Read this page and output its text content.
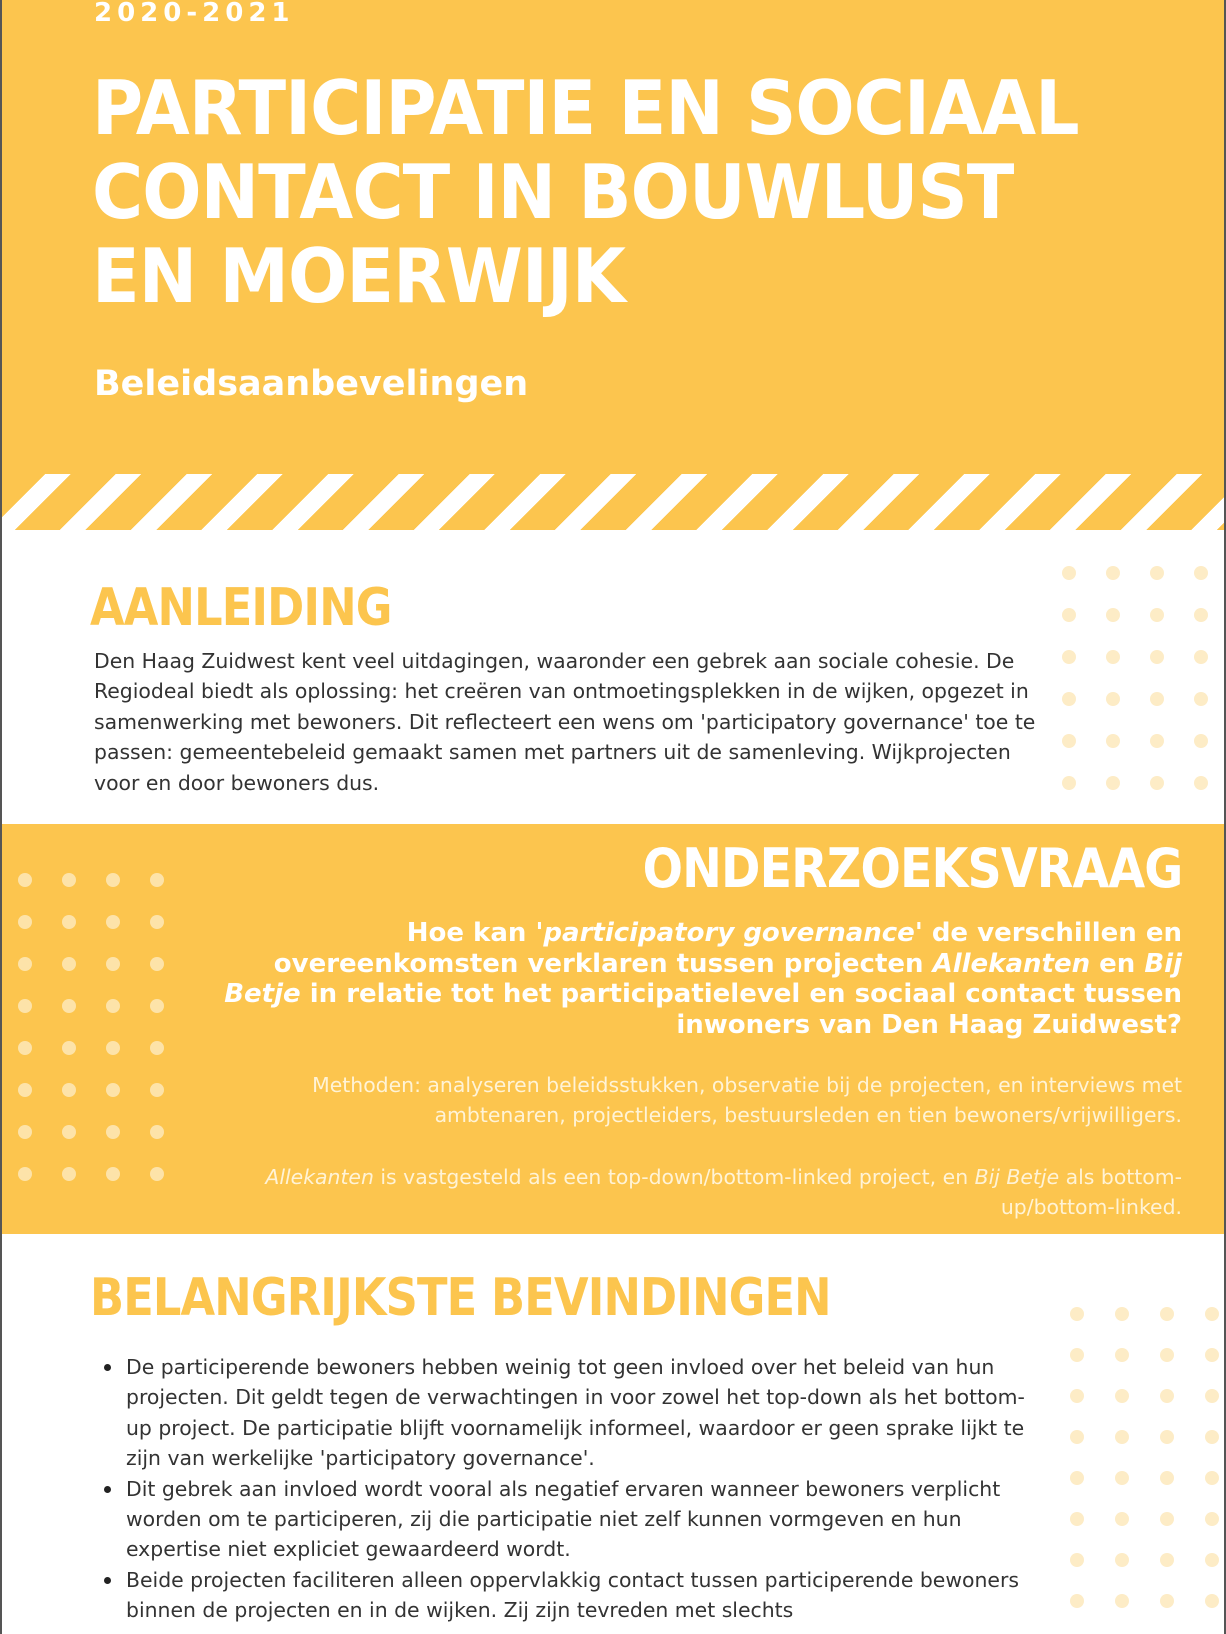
2020-2021
PARTICIPATIE EN SOCIAAL CONTACT IN BOUWLUST EN MOERWIJK
Beleidsaanbevelingen
AANLEIDING

Den Haag Zuidwest kent veel uitdagingen, waaronder een gebrek aan sociale cohesie. De Regiodeal biedt als oplossing: het creëren van ontmoetingsplekken in de wijken, opgezet in samenwerking met bewoners. Dit reflecteert een wens om 'participatory governance' toe te passen: gemeentebeleid gemaakt samen met partners uit de samenleving. Wijkprojecten voor en door bewoners dus.

ONDERZOEKSVRAAG

Hoe kan 'participatory governance' de verschillen en overeenkomsten verklaren tussen projecten Allekanten en Bij Betje in relatie tot het participatielevel en sociaal contact tussen inwoners van Den Haag Zuidwest?

Methoden: analyseren beleidsstukken, observatie bij de projecten, en interviews met ambtenaren, projectleiders, bestuursleden en tien bewoners/vrijwilligers.

Allekanten is vastgesteld als een top-down/bottom-linked project, en Bij Betje als bottom-up/bottom-linked.

BELANGRIJKSTE BEVINDINGEN
De participerende bewoners hebben weinig tot geen invloed over het beleid van hun projecten. Dit geldt tegen de verwachtingen in voor zowel het top-down als het bottom-up project. De participatie blijft voornamelijk informeel, waardoor er geen sprake lijkt te zijn van werkelijke 'participatory governance'.
Dit gebrek aan invloed wordt vooral als negatief ervaren wanneer bewoners verplicht worden om te participeren, zij die participatie niet zelf kunnen vormgeven en hun expertise niet expliciet gewaardeerd wordt.
Beide projecten faciliteren alleen oppervlakkig contact tussen participerende bewoners binnen de projecten en in de wijken. Zij zijn tevreden met slechts
